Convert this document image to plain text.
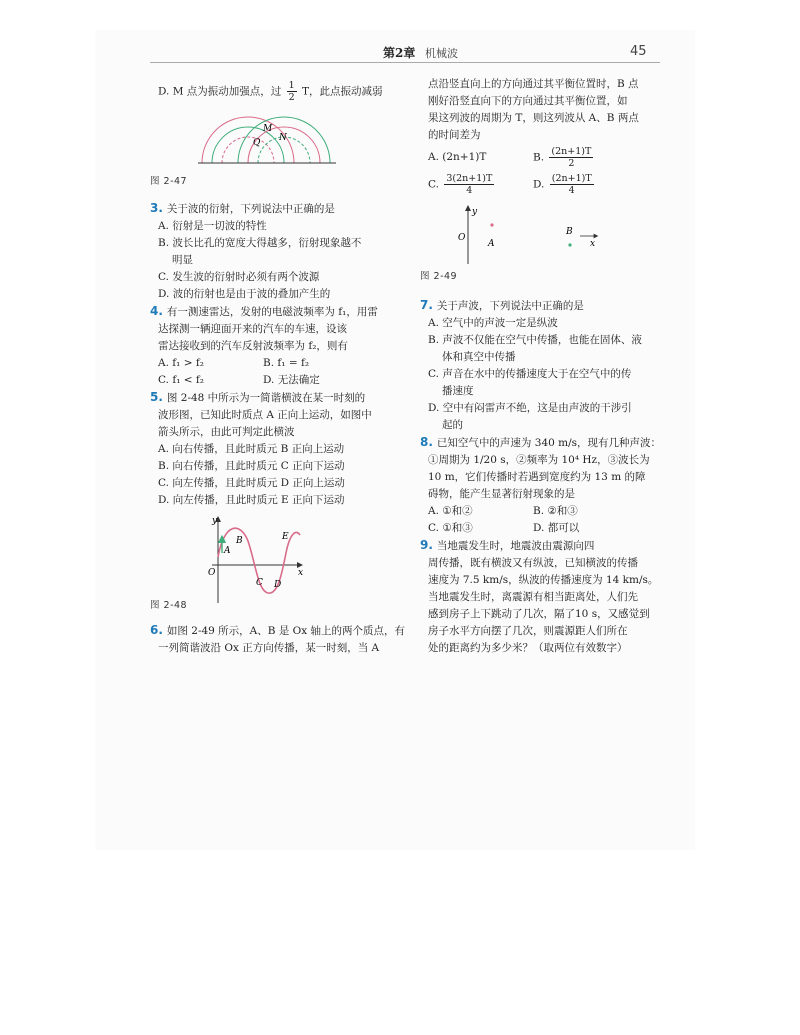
第2章 机械波	45
D. M 点为振动加强点，过 $\frac{1}{2}$ T，此点振动减弱
M
Q N
图 2-47
3. 关于波的衍射，下列说法中正确的是
A. 衍射是一切波的特性
B. 波长比孔的宽度大得越多，衍射现象越不
明显
C. 发生波的衍射时必须有两个波源
D. 波的衍射也是由于波的叠加产生的
4. 有一测速雷达，发射的电磁波频率为 f₁，用雷
达探测一辆迎面开来的汽车的车速，设该
雷达接收到的汽车反射波频率为 f₂，则有
A. f₁ > f₂	B. f₁ = f₂
C. f₁ < f₂	D. 无法确定
5. 图 2-48 中所示为一简谐横波在某一时刻的
波形图，已知此时质点 A 正向上运动，如图中
箭头所示，由此可判定此横波
A. 向右传播，且此时质元 B 正向上运动
B. 向右传播，且此时质元 C 正向下运动
C. 向左传播，且此时质元 D 正向上运动
D. 向左传播，且此时质元 E 正向下运动
y
x
O
A
B
C D
E
图 2-48
6. 如图 2-49 所示，A、B 是 Ox 轴上的两个质点，有
一列简谐波沿 Ox 正方向传播，某一时刻，当 A
点沿竖直向上的方向通过其平衡位置时，B 点
刚好沿竖直向下的方向通过其平衡位置，如
果这列波的周期为 T，则这列波从 A、B 两点
的时间差为
A. (2n+1)T	B. $\frac{(2n+1)T}{2}$
C. $\frac{3(2n+1)T}{4}$	D. $\frac{(2n+1)T}{4}$
y
O
A
B
x
图 2-49
7. 关于声波，下列说法中正确的是
A. 空气中的声波一定是纵波
B. 声波不仅能在空气中传播，也能在固体、液
体和真空中传播
C. 声音在水中的传播速度大于在空气中的传
播速度
D. 空中有闷雷声不绝，这是由声波的干涉引
起的
8. 已知空气中的声速为 340 m/s，现有几种声波：
①周期为 1/20 s，②频率为 10⁴ Hz，③波长为
10 m，它们传播时若遇到宽度约为 13 m 的障
碍物，能产生显著衍射现象的是
A. ①和②	B. ②和③
C. ①和③	D. 都可以
9. 当地震发生时，地震波由震源向四
周传播，既有横波又有纵波，已知横波的传播
速度为 7.5 km/s，纵波的传播速度为 14 km/s。
当地震发生时，离震源有相当距离处，人们先
感到房子上下跳动了几次，隔了10 s，又感觉到
房子水平方向摆了几次，则震源距人们所在
处的距离约为多少米？（取两位有效数字）
